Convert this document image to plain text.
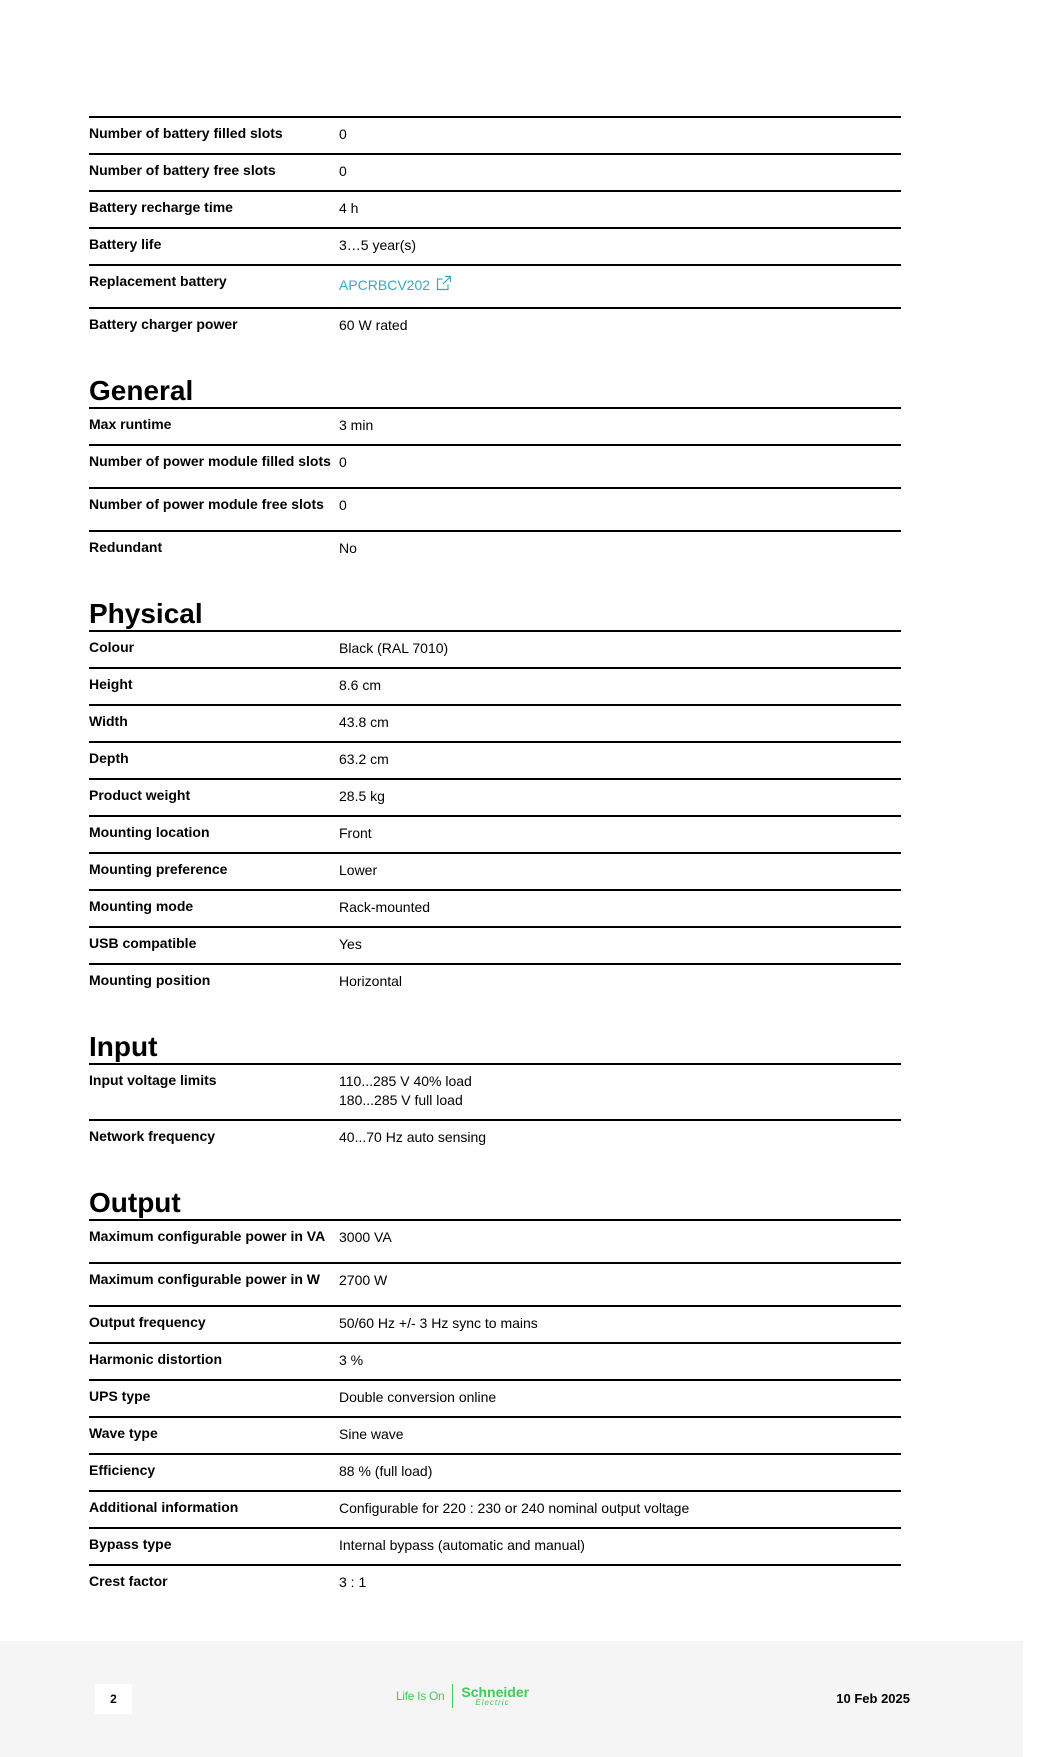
Number of battery filled slots	0
Number of battery free slots	0
Battery recharge time	4 h
Battery life	3…5 year(s)
Replacement battery	APCRBCV202
Battery charger power	60 W rated
General
Max runtime	3 min
Number of power module filled slots 0
Number of power module free slots	0
Redundant	No
Physical
Colour	Black (RAL 7010)
Height	8.6 cm
Width	43.8 cm
Depth	63.2 cm
Product weight	28.5 kg
Mounting location	Front
Mounting preference	Lower
Mounting mode	Rack-mounted
USB compatible	Yes
Mounting position	Horizontal
Input
Input voltage limits	110...285 V 40% load
180...285 V full load
Network frequency	40...70 Hz auto sensing
Output
Maximum configurable power in VA 3000 VA
Maximum configurable power in W	2700 W
Output frequency	50/60 Hz +/- 3 Hz sync to mains
Harmonic distortion	3 %
UPS type	Double conversion online
Wave type	Sine wave
Efficiency	88 % (full load)
Additional information	Configurable for 220 : 230 or 240 nominal output voltage
Bypass type	Internal bypass (automatic and manual)
Crest factor	3 : 1
2	Life Is On Schneider
Electric	10 Feb 2025
